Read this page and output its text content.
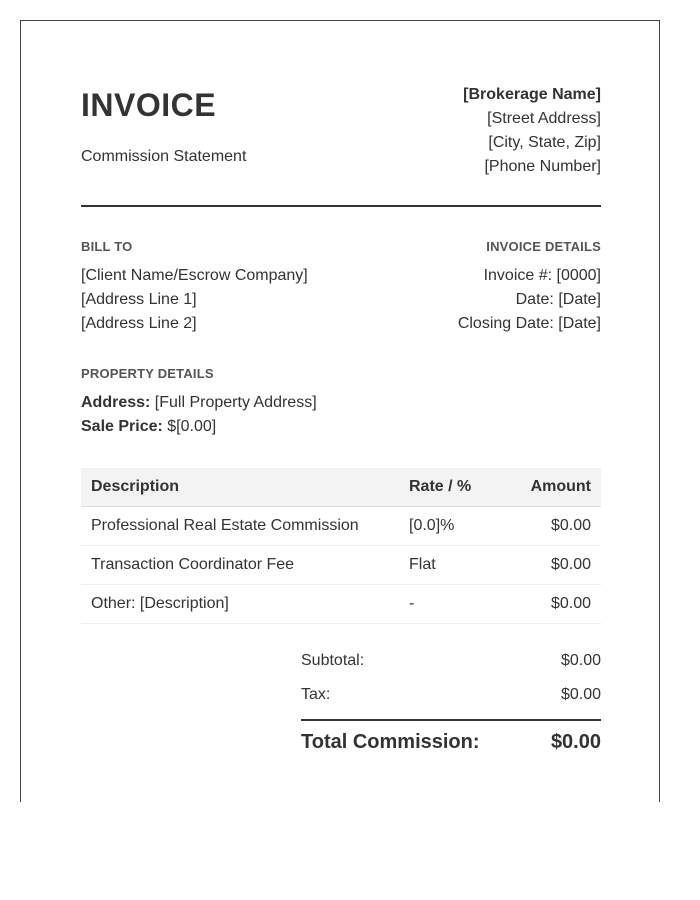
INVOICE
Commission Statement
[Brokerage Name]
[Street Address]
[City, State, Zip]
[Phone Number]
BILL TO
[Client Name/Escrow Company]
[Address Line 1]
[Address Line 2]
INVOICE DETAILS
Invoice #: [0000]
Date: [Date]
Closing Date: [Date]
PROPERTY DETAILS
Address: [Full Property Address]
Sale Price: $[0.00]
Description	Rate / %	Amount
Professional Real Estate Commission	[0.0]%	$0.00
Transaction Coordinator Fee	Flat	$0.00
Other: [Description]	-	$0.00
Subtotal:	$0.00
Tax:	$0.00
Total Commission:	$0.00
